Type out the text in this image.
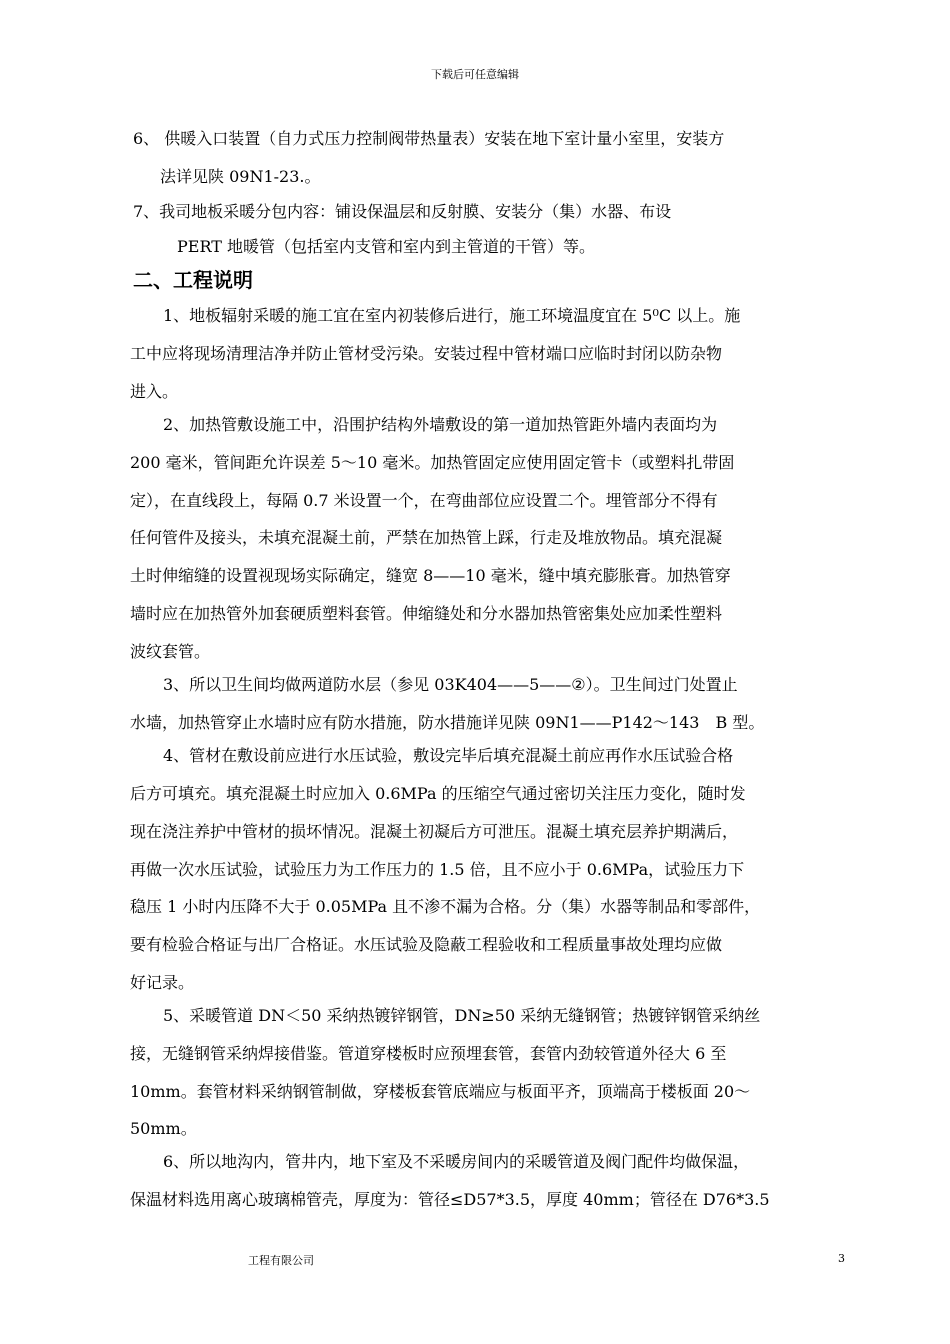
下载后可任意编辑
6、 供暖入口装置（自力式压力控制阀带热量表）安装在地下室计量小室里，安装方
法详见陕 09N1-23.。
7、我司地板采暖分包内容：铺设保温层和反射膜、安装分（集）水器、布设
PERT 地暖管（包括室内支管和室内到主管道的干管）等。
二、工程说明
1、地板辐射采暖的施工宜在室内初装修后进行，施工环境温度宜在 5⁰C 以上。施
工中应将现场清理洁净并防止管材受污染。安装过程中管材端口应临时封闭以防杂物
进入。
2、加热管敷设施工中，沿围护结构外墙敷设的第一道加热管距外墙内表面均为
200 毫米，管间距允许误差 5～10 毫米。加热管固定应使用固定管卡（或塑料扎带固
定），在直线段上，每隔 0.7 米设置一个，在弯曲部位应设置二个。埋管部分不得有
任何管件及接头，未填充混凝土前，严禁在加热管上踩，行走及堆放物品。填充混凝
土时伸缩缝的设置视现场实际确定，缝宽 8——10 毫米，缝中填充膨胀膏。加热管穿
墙时应在加热管外加套硬质塑料套管。伸缩缝处和分水器加热管密集处应加柔性塑料
波纹套管。
3、所以卫生间均做两道防水层（参见 03K404——5——②）。卫生间过门处置止
水墙，加热管穿止水墙时应有防水措施，防水措施详见陕 09N1——P142～143　B 型。
4、管材在敷设前应进行水压试验，敷设完毕后填充混凝土前应再作水压试验合格
后方可填充。填充混凝土时应加入 0.6MPa 的压缩空气通过密切关注压力变化，随时发
现在浇注养护中管材的损坏情况。混凝土初凝后方可泄压。混凝土填充层养护期满后，
再做一次水压试验，试验压力为工作压力的 1.5 倍，且不应小于 0.6MPa，试验压力下
稳压 1 小时内压降不大于 0.05MPa 且不渗不漏为合格。分（集）水器等制品和零部件，
要有检验合格证与出厂合格证。水压试验及隐蔽工程验收和工程质量事故处理均应做
好记录。
5、采暖管道 DN＜50 采纳热镀锌钢管，DN≥50 采纳无缝钢管；热镀锌钢管采纳丝
接，无缝钢管采纳焊接借鉴。管道穿楼板时应预埋套管，套管内劲较管道外径大 6 至
10mm。套管材料采纳钢管制做，穿楼板套管底端应与板面平齐，顶端高于楼板面 20～
50mm。
6、所以地沟内，管井内，地下室及不采暖房间内的采暖管道及阀门配件均做保温，
保温材料选用离心玻璃棉管壳，厚度为：管径≤D57*3.5，厚度 40mm；管径在 D76*3.5
工程有限公司	3
